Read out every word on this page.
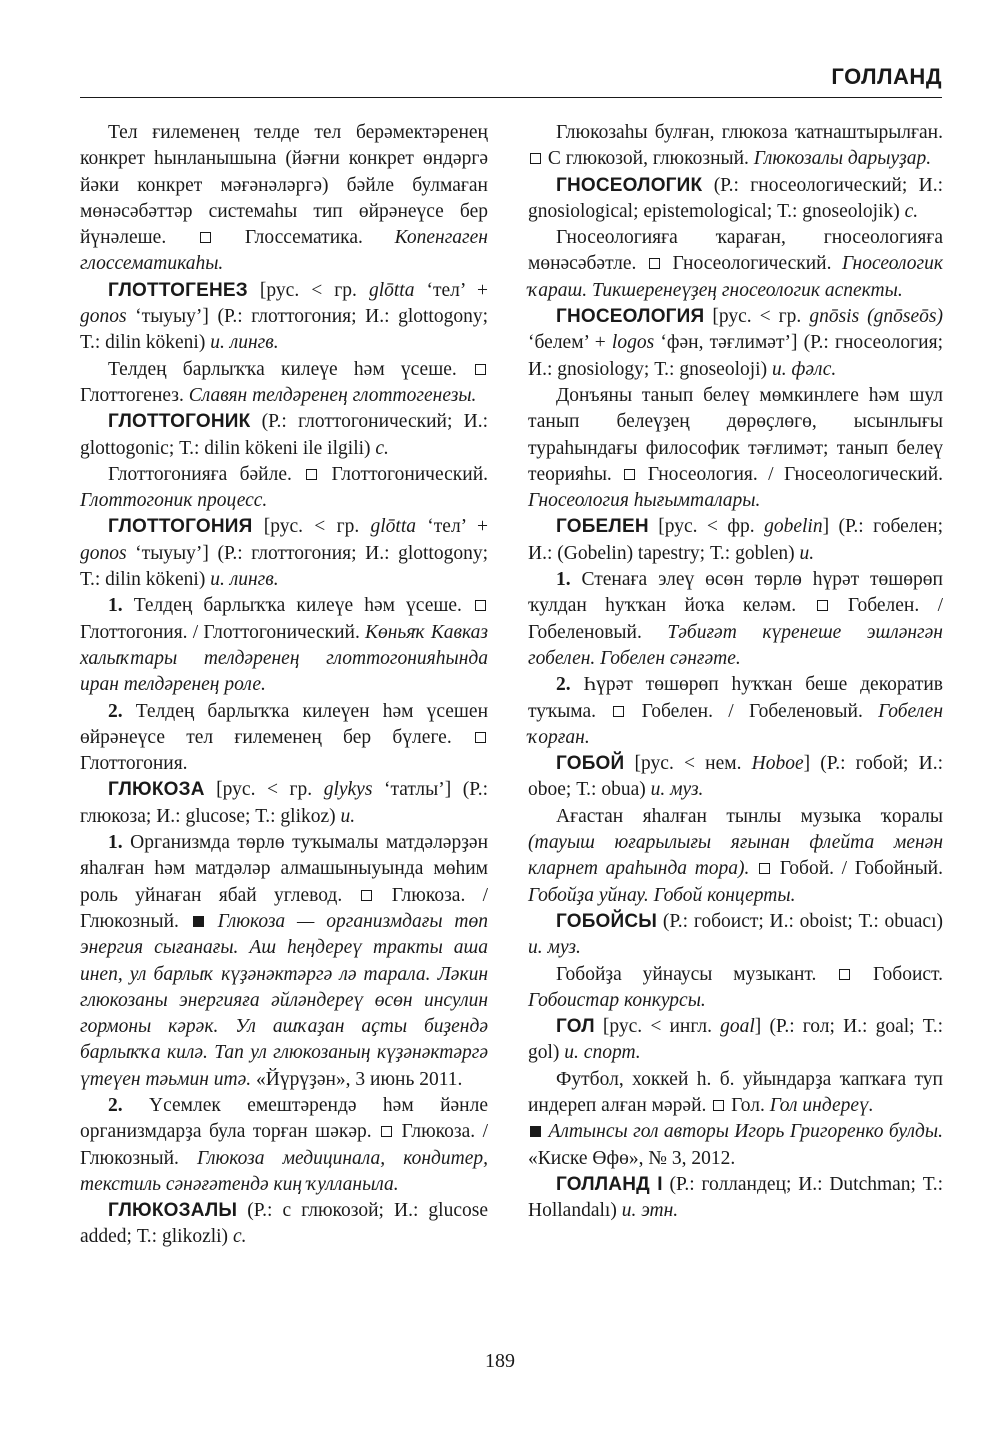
ГОЛЛАНД

Тел ғилеменең телде тел берәмектәренең конкрет һынланышына (йәғни конкрет өндәргә йәки конкрет мәғәнәләргә) бәйле булмаған мөнәсәбәттәр системаһы тип өйрәнеүсе бер йүнәлеше.	Глоссематика. Копенгаген глоссематикаһы.

ГЛОТТОГЕНЕЗ [рус. < гр. glōtta ‘тел’ + gonos ‘тыуыу’] (Р.: глоттогония; И.: glottogony; Т.: dilin kökeni) и. лингв.

Телдең барлыҡҡа килеүе һәм үсеше.  Глоттогенез. Славян телдәренең глоттогенезы.

ГЛОТТОГОНИК (Р.: глоттогонический; И.: glottogonic; Т.: dilin kökeni ile ilgili) с.

Глоттогонияға бәйле. Глоттогонический. Глоттогоник процесс.

ГЛОТТОГОНИЯ [рус. < гр. glōtta ‘тел’ + gonos ‘тыуыу’] (Р.: глоттогония; И.: glottogony; Т.: dilin kökeni) и. лингв.

1. Телдең барлыҡҡа килеүе һәм үсеше.  Глоттогония. / Глоттогонический. Көньяҡ Кавказ халыҡтары телдәренең глоттогонияһында иран телдәренең роле.

2. Телдең барлыҡҡа килеүен һәм үсешен өйрәнеүсе тел ғилеменең бер бүлеге.  Глоттогония.

ГЛЮКОЗА [рус. < гр. glykys ‘татлы’] (Р.: глюкоза; И.: glucose; Т.: glikoz) и.

1. Организмда төрлө туҡымалы матдәләрҙән яһалған һәм матдәләр алмашыныуында мөһим роль уйнаған ябай углевод.	Глюкоза. / Глюкозный. Глюкоза — организмдағы төп энергия сығанағы. Аш һеңдереү тракты аша инеп, ул барлыҡ күҙәнәктәргә лә тарала. Ләкин глюкозаны энергияға әйләндереү өсөн инсулин гормоны кәрәк. Ул ашҡаҙан аҫты биҙендә барлыҡҡа килә. Тап ул глюкозаның күҙәнәктәргә үтеүен тәьмин итә. «Йүрүҙән», 3 июнь 2011.

2. Үсемлек емештәрендә һәм йәнле организмдарҙа була торған шәкәр. Глюкоза. / Глюкозный. Глюкоза медицинала, кондитер, текстиль сәнәғәтендә киң ҡулланыла.

ГЛЮКОЗАЛЫ (Р.: с глюкозой; И.: glucose added; Т.: glikozli) с.

Глюкозаһы булған, глюкоза ҡатнаштырылған.  С глюкозой, глюкозный. Глюкозалы дарыуҙар.

ГНОСЕОЛОГИК (Р.: гносеологический; И.: gnosiological; epistemological; Т.: gnoseolojik) с.

Гносеологияға ҡараған, гносеологияға мөнәсәбәтле. Гносеологический. Гносеологик ҡараш. Тикшеренеүҙең гносеологик аспекты.

ГНОСЕОЛОГИЯ [рус. < гр. gnōsis (gnōseōs) ‘белем’ + logos ‘фән, тәғлимәт’] (Р.: гносеология; И.: gnosiology; Т.: gnoseoloji) и. фәлс.

Донъяны танып белеү мөмкинлеге һәм шул танып белеүҙең дөрөҫлөгө, ысынлығы тураһындағы философик тәғлимәт; танып белеү теорияһы. Гносеология. / Гносеологический. Гносеология һығымталары.

ГОБЕЛЕН [рус. < фр. gobelin] (Р.: гобелен; И.: (Gobelin) tapestry; Т.: goblen) и.

1. Стенаға элеү өсөн төрлө һүрәт төшөрөп ҡулдан һуҡҡан йоҡа келәм.	Гобелен. / Гобеленовый. Тәбиғәт күренеше эшләнгән гобелен. Гобелен сәнғәте.

2. Һүрәт төшөрөп һуҡҡан беше декоратив туҡыма. Гобелен. / Гобеленовый. Гобелен ҡорған.

ГОБОЙ [рус. < нем. Hoboe] (Р.: гобой; И.: oboe; Т.: obua) и. муз.

Ағастан яһалған тынлы музыка ҡоралы (тауыш юғарылығы яғынан флейта менән кларнет араһында тора). Гобой. / Гобойный. Гобойҙа уйнау. Гобой концерты.

ГОБОЙСЫ (Р.: гобоист; И.: oboist; Т.: obuacı) и. муз.

Гобойҙа уйнаусы музыкант.	Гобоист. Гобоистар конкурсы.

ГОЛ [рус. < ингл. goal] (Р.: гол; И.: goal; Т.: gol) и. спорт.

Футбол, хоккей һ. б. уйындарҙа ҡапҡаға туп индереп алған мәрәй. Гол. Гол индереү.
Алтынсы гол авторы Игорь Григоренко булды. «Киске Өфө», № 3, 2012.

ГОЛЛАНД I (Р.: голландец; И.: Dutchman; Т.: Hollandalı) и. этн.

189
